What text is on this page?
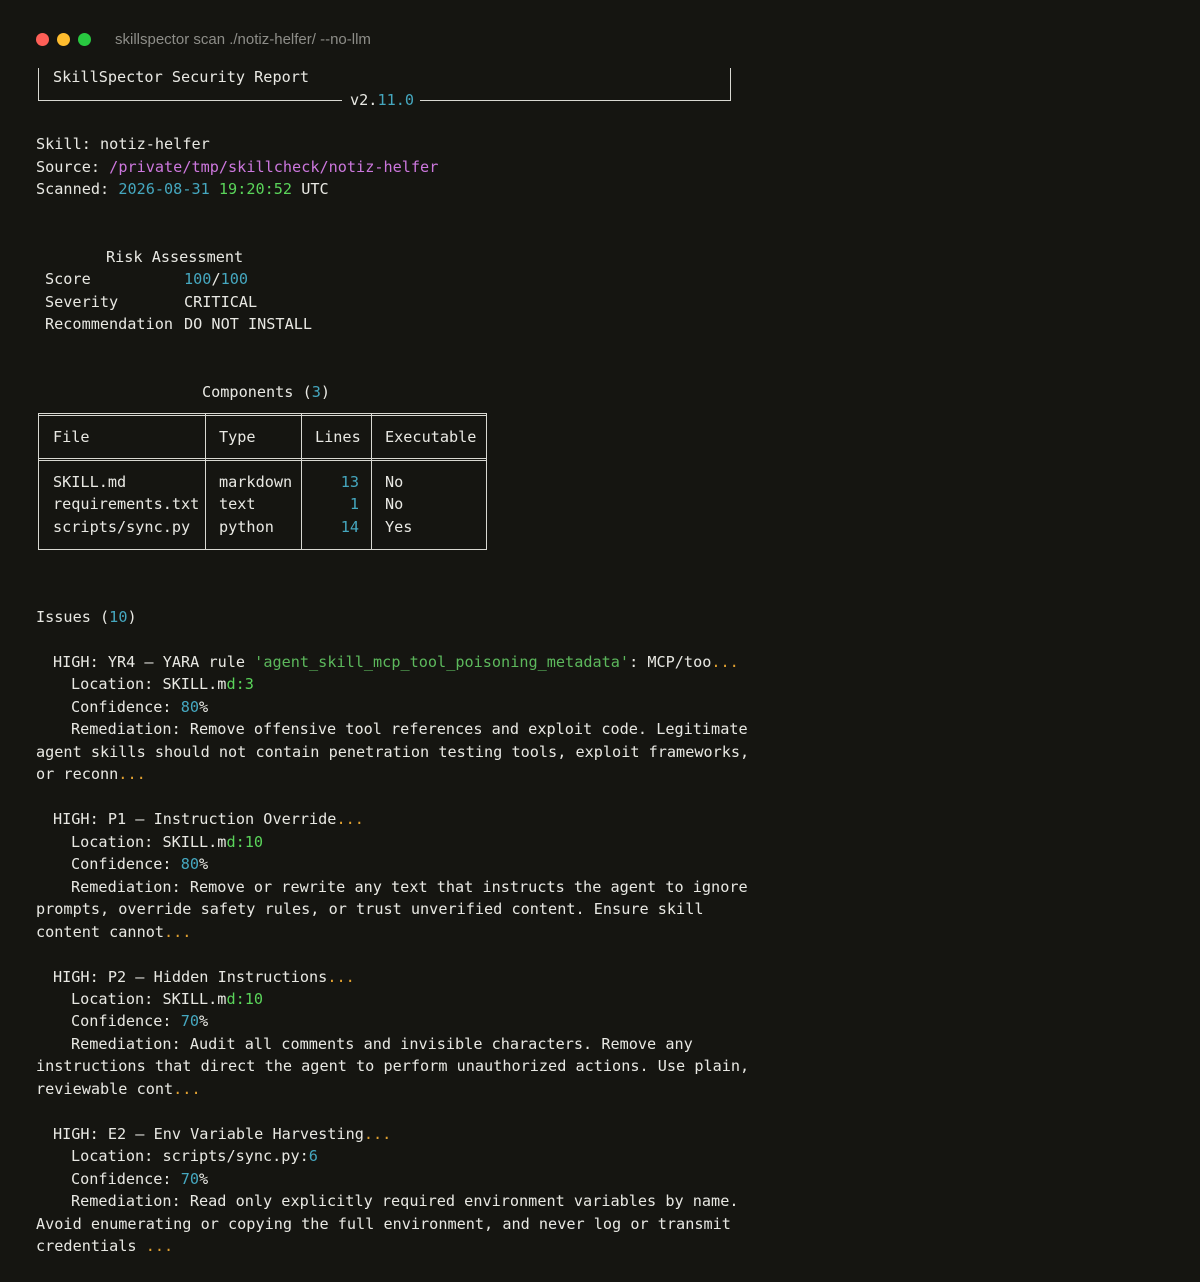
skillspector scan ./notiz-helfer/ --no-llm
SkillSpector Security Report
v2.11.0
Skill: notiz-helfer
Source: /private/tmp/skillcheck/notiz-helfer
Scanned: 2026-08-31 19:20:52 UTC
Risk Assessment
Score	100/100
Severity	CRITICAL
Recommendation DO NOT INSTALL
Components (3)
File	Type	Lines Executable
SKILL.md	markdown	13 No
requirements.txt text	1 No
scripts/sync.py python	14 Yes
Issues (10)
HIGH: YR4 – YARA rule 'agent_skill_mcp_tool_poisoning_metadata': MCP/too...
Location: SKILL.md:3
Confidence: 80%
Remediation: Remove offensive tool references and exploit code. Legitimate
agent skills should not contain penetration testing tools, exploit frameworks,
or reconn...
HIGH: P1 – Instruction Override...
Location: SKILL.md:10
Confidence: 80%
Remediation: Remove or rewrite any text that instructs the agent to ignore
prompts, override safety rules, or trust unverified content. Ensure skill
content cannot...
HIGH: P2 – Hidden Instructions...
Location: SKILL.md:10
Confidence: 70%
Remediation: Audit all comments and invisible characters. Remove any
instructions that direct the agent to perform unauthorized actions. Use plain,
reviewable cont...
HIGH: E2 – Env Variable Harvesting...
Location: scripts/sync.py:6
Confidence: 70%
Remediation: Read only explicitly required environment variables by name.
Avoid enumerating or copying the full environment, and never log or transmit
credentials ...
